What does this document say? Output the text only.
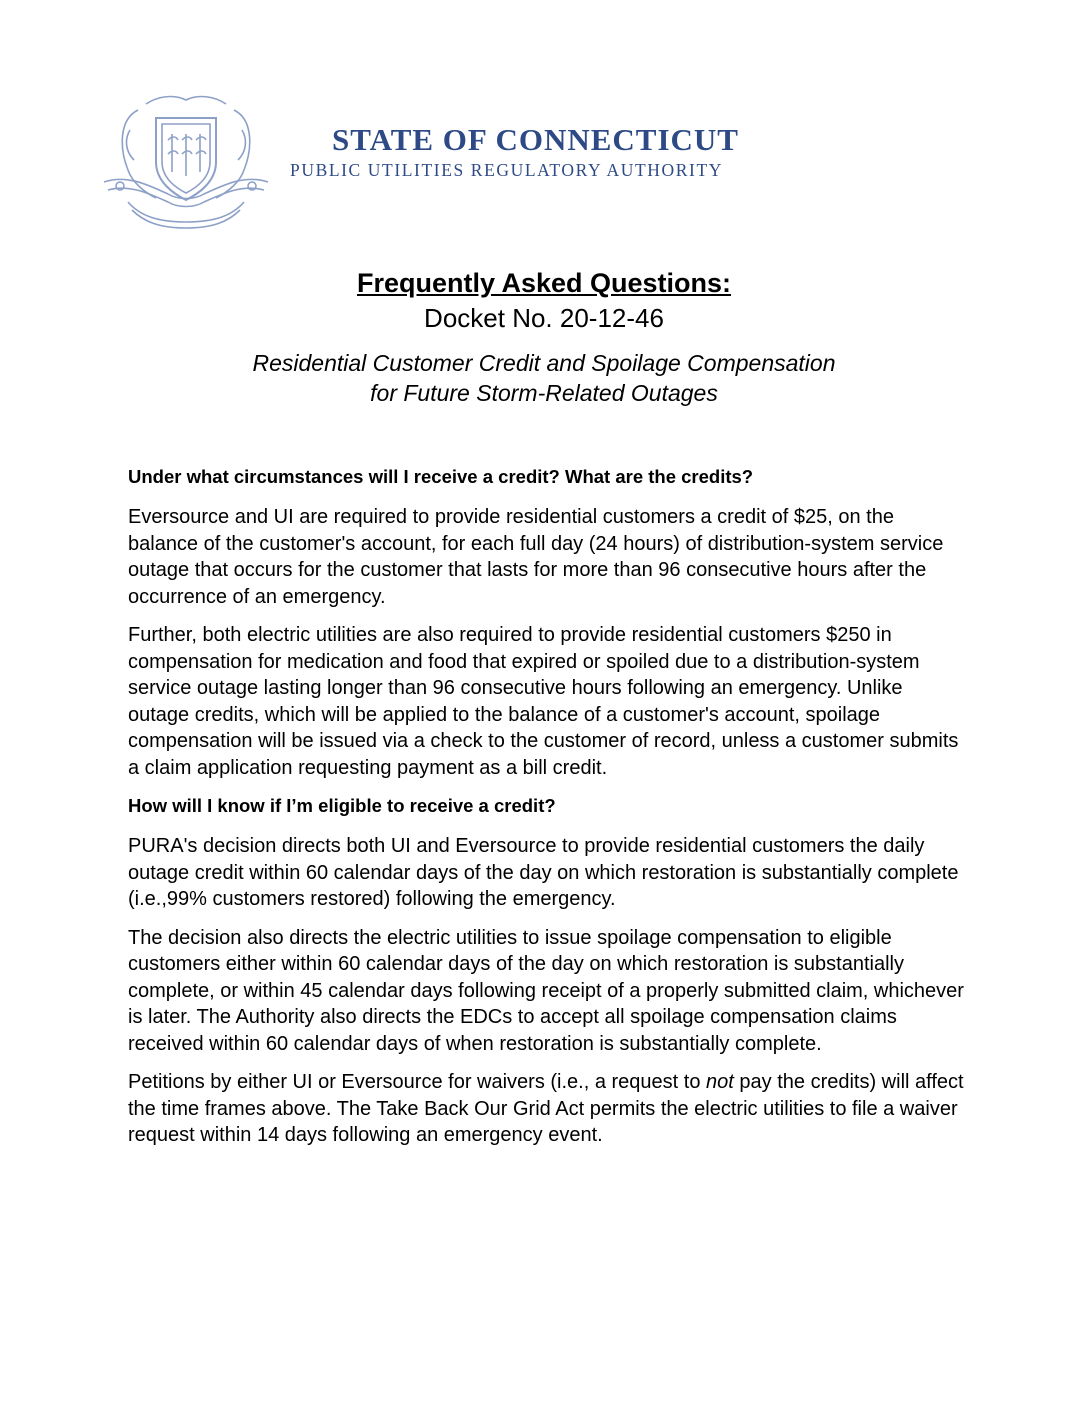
STATE OF CONNECTICUT
PUBLIC UTILITIES REGULATORY AUTHORITY
Frequently Asked Questions:
Docket No. 20-12-46
Residential Customer Credit and Spoilage Compensation
for Future Storm-Related Outages
Under what circumstances will I receive a credit? What are the credits?
Eversource and UI are required to provide residential customers a credit of $25, on the balance of the customer's account, for each full day (24 hours) of distribution-system service outage that occurs for the customer that lasts for more than 96 consecutive hours after the occurrence of an emergency.
Further, both electric utilities are also required to provide residential customers $250 in compensation for medication and food that expired or spoiled due to a distribution-system service outage lasting longer than 96 consecutive hours following an emergency. Unlike outage credits, which will be applied to the balance of a customer's account, spoilage compensation will be issued via a check to the customer of record, unless a customer submits a claim application requesting payment as a bill credit.
How will I know if I’m eligible to receive a credit?
PURA's decision directs both UI and Eversource to provide residential customers the daily outage credit within 60 calendar days of the day on which restoration is substantially complete (i.e.,99% customers restored) following the emergency.
The decision also directs the electric utilities to issue spoilage compensation to eligible customers either within 60 calendar days of the day on which restoration is substantially complete, or within 45 calendar days following receipt of a properly submitted claim, whichever is later. The Authority also directs the EDCs to accept all spoilage compensation claims received within 60 calendar days of when restoration is substantially complete.
Petitions by either UI or Eversource for waivers (i.e., a request to not pay the credits) will affect the time frames above. The Take Back Our Grid Act permits the electric utilities to file a waiver request within 14 days following an emergency event.
